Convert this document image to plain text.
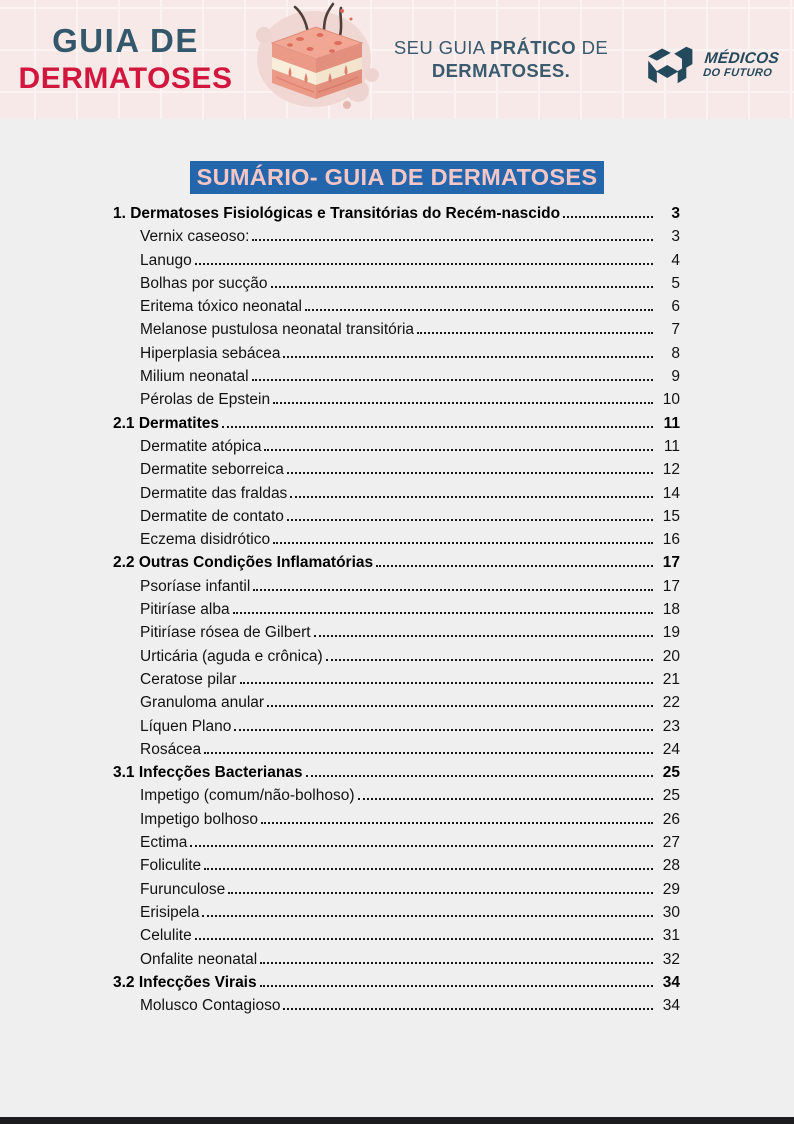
GUIA DE
DERMATOSES
SEU GUIA PRÁTICO DE
DERMATOSES.
MÉDICOS
DO FUTURO
SUMÁRIO- GUIA DE DERMATOSES
1. Dermatoses Fisiológicas e Transitórias do Recém-nascido	3
Vernix caseoso:	3
Lanugo	4
Bolhas por sucção	5
Eritema tóxico neonatal	6
Melanose pustulosa neonatal transitória	7
Hiperplasia sebácea	8
Milium neonatal	9
Pérolas de Epstein	10
2.1 Dermatites	11
Dermatite atópica	11
Dermatite seborreica	12
Dermatite das fraldas	14
Dermatite de contato	15
Eczema disidrótico	16
2.2 Outras Condições Inflamatórias	17
Psoríase infantil	17
Pitiríase alba	18
Pitiríase rósea de Gilbert	19
Urticária (aguda e crônica)	20
Ceratose pilar	21
Granuloma anular	22
Líquen Plano	23
Rosácea	24
3.1 Infecções Bacterianas	25
Impetigo (comum/não-bolhoso)	25
Impetigo bolhoso	26
Ectima	27
Foliculite	28
Furunculose	29
Erisipela	30
Celulite	31
Onfalite neonatal	32
3.2 Infecções Virais	34
Molusco Contagioso	34
